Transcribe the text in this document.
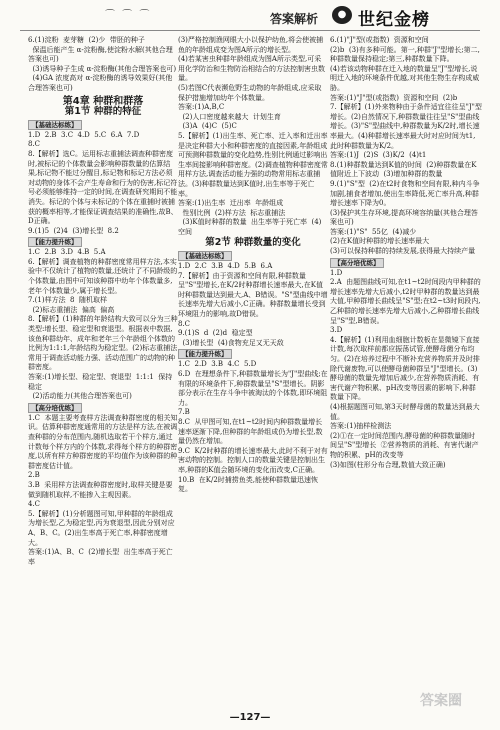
⌒ ⌒ ⌒	答案解析	● 世纪金榜
6.(1)淀粉  麦芽糖  (2)少  带胚的种子
保温后能产生 α-淀粉酶,使淀粉水解(其他合理答案也可)
(3)诱导种子生成 α-淀粉酶(其他合理答案也可)
(4)GA 浓度高对 α-淀粉酶的诱导效果好(其他合理答案也可)
第4章 种群和群落
第1节 种群的特征
【基础达标练】
1.D  2.B  3.C  4.D  5.C  6.A  7.D
8.C
8.【解析】选C。运用标志重捕法调查种群密度时,被标记的个体数量会影响种群数量的估算结果,标记物不能过分醒目,标记物和标记方法必须对动物的身体不会产生寿命和行为的伤害,标记符号必须能够维持一定的时间,在调查研究期间不能消失。标记的个体与未标记的个体在重捕时被捕获的概率相等,才能保证调查结果的准确性,故B、D正确。
9.(1)5  (2)4  (3)增长型  8.2
【能力提升练】
1.C  2.B  3.D  4.B  5.A
6.【解析】调查植物的种群密度常用样方法,本实验中不仅统计了植物的数量,还统计了不同龄级的个体数量,由图中可知该种群中幼年个体数量多,老年个体数量少,属于增长型。
7.(1)样方法  8  随机取样
(2)标志重捕法  偏高  偏高
8.【解析】(1)种群的年龄结构大致可以分为三种类型:增长型、稳定型和衰退型。根据表中数据,该鱼种群幼年、成年和老年三个年龄组个体数的比例为1:1:1,年龄结构为稳定型。(2)标志重捕法常用于调查活动能力强、活动范围广的动物的种群密度。
答案:(1)增长型、稳定型、衰退型  1:1:1  保持稳定
(2)活动能力(其他合理答案也可)
【高分培优练】
1.C  本题主要考查样方法调查种群密度的相关知识。估算种群密度通常用的方法是样方法,在被调查种群的分布范围内,随机选取若干个样方,通过计数每个样方内的个体数,求得每个样方的种群密度,以所有样方种群密度的平均值作为该种群的种群密度估计值。
2.B
3.B  采用样方法调查种群密度时,取样关键是要做到随机取样,不能掺入主观因素。
4.C
5.【解析】(1)分析题图可知,甲种群的年龄组成为增长型,乙为稳定型,丙为衰退型,因此分别对应A、B、C。(2)出生率高于死亡率,种群密度增大。
答案:(1)A、B、C  (2)增长型  出生率高于死亡率
(3)严格控制渔网眼大小以保护幼鱼,将会使被捕鱼的年龄组成变为图A所示的增长型。
(4)若某害虫种群年龄组成为图A所示类型,可采用化学防治和生物防治相结合的方法控制害虫数量。
(5)若图C代表濒危野生动物的年龄组成,应采取保护措施增加幼年个体数量。
答案:(1)A,B,C
(2)人口密度越来越大  计划生育
(3)A  (4)C  (5)C
5.【解析】(1)出生率、死亡率、迁入率和迁出率是决定种群大小和种群密度的直接因素,年龄组成可预测种群数量的变化趋势,性别比例通过影响出生率间接影响种群密度。(2)调查植物种群密度常用样方法,调查活动能力强的动物常用标志重捕法。(3)种群数量达到K值时,出生率等于死亡率。
答案:(1)出生率  迁出率  年龄组成
性别比例  (2)样方法  标志重捕法
(3)K值时种群的数量  出生率等于死亡率  (4)空间
第2节 种群数量的变化
【基础达标练】
1.D  2.C  3.B  4.D  5.B  6.A
7.【解析】由于资源和空间有限,种群数量呈"S"型增长,在K/2时种群增长速率最大,在K值时种群数量达到最大,A、B错误。"S"型曲线中增长速率先增大后减小,C正确。种群数量增长受到环境阻力的影响,故D错误。
8.C
9.(1)S  d  (2)d  稳定型
(3)增长型  (4)食物充足又无天敌
【能力提升练】
1.C  2.D  3.B  4.C  5.D
6.D  在理想条件下,种群数量增长为"J"型曲线;在有限的环境条件下,种群数量呈"S"型增长。阴影部分表示在生存斗争中被淘汰的个体数,即环境阻力。
7.B
8.C  从甲图可知,在t1~t2时间内种群数量增长速率逐渐下降,但种群的年龄组成仍为增长型,数量仍然在增加。
9.C  K/2时种群的增长速率最大,此时不利于对有害动物的控制。控制人口的数量关键是控制出生率,种群的K值会随环境的变化而改变,C正确。
10.B  在K/2时捕捞鱼类,能使种群数量迅速恢复。
6.(1)"J"型(或指数)  资源和空间
(2)b  (3)有多种可能。第一,种群"J"型增长;第二,种群数量保持稳定;第三,种群数量下降。
(4)若该动物种群在迁入地的数量呈"J"型增长,说明迁入地的环境条件优越,对其他生物生存构成威胁。
答案:(1)"J"型(或指数)  资源和空间  (2)b
7.【解析】(1)外来物种由于条件适宜往往呈"J"型增长。(2)自然情况下,种群数量往往呈"S"型曲线增长。(3)"S"型曲线中,种群数量为K/2时,增长速率最大。(4)种群增长速率最大时对应时间为t1,此时种群数量为K/2。
答案:(1)J  (2)S  (3)K/2  (4)t1
8.(1)种群数量达到K值的时间  (2)种群数量在K值附近上下波动  (3)增加种群的数量
9.(1)"S"型  (2)在t2时食物和空间有限,种内斗争加剧,捕食者增加,使出生率降低,死亡率升高,种群增长速率下降为0。
(3)保护其生存环境,提高环境容纳量(其他合理答案也可)
答案:(1)"S"  55亿  (4)减少
(2)在K值时种群的增长速率最大
(3)可以保持种群的持续发展,获得最大持续产量
【高分培优练】
1.D
2.A  由题图曲线可知,在t1~t2时间段内甲种群的增长速率先增大后减小,t2时甲种群的数量达到最大值,甲种群增长曲线呈"S"型;在t2~t3时间段内,乙种群的增长速率先增大后减小,乙种群增长曲线呈"S"型,B错误。
3.D
4.【解析】(1)利用血细胞计数板在显微镜下直接计数,每次取样前都应振荡试管,使酵母菌分布均匀。(2)在培养过程中不断补充营养物质并及时排除代谢废物,可以使酵母菌种群呈"J"型增长。(3)酵母菌的数量先增加后减少,在营养物质消耗、有害代谢产物积累、pH改变等因素的影响下,种群数量下降。
(4)根据题图可知,第3天时酵母菌的数量达到最大值。
答案:(1)抽样检测法
(2)①在一定时间范围内,酵母菌的种群数量随时间呈"S"型增长  ②营养物质的消耗、有害代谢产物的积累、pH的改变等
(3)如图(柱形分布合理,数值大致正确)
答案圈
—127—
